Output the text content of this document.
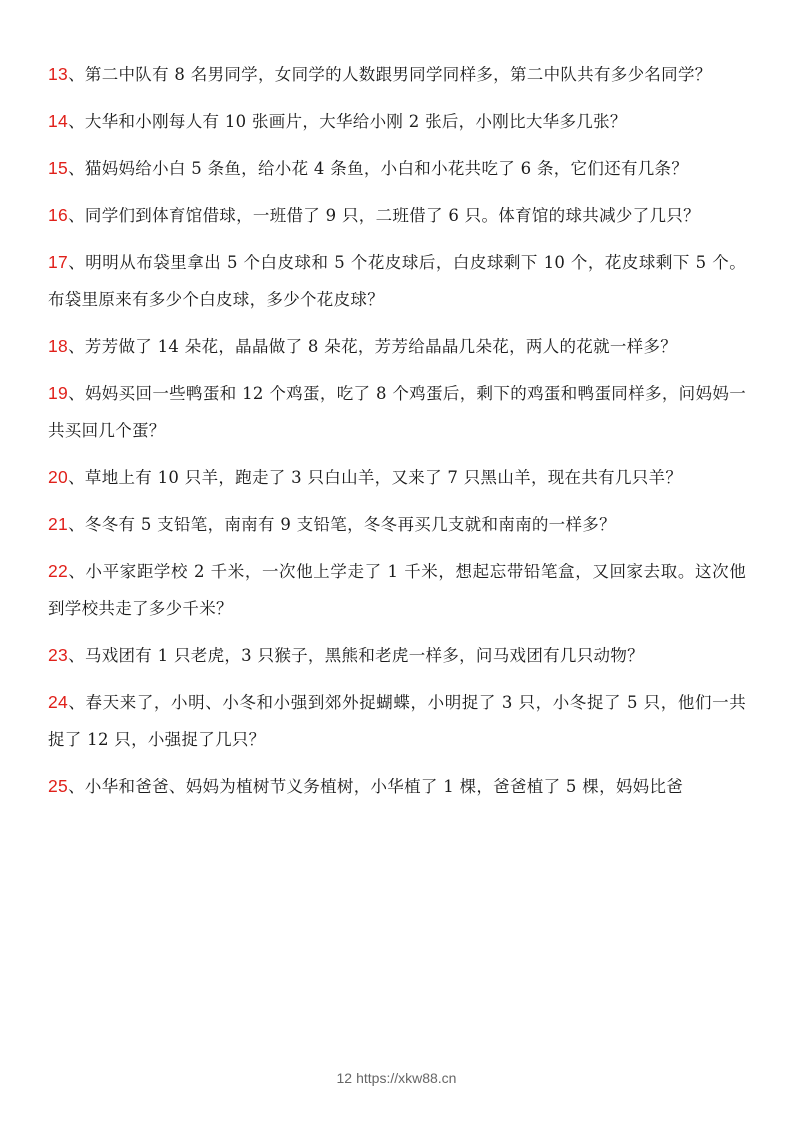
13、第二中队有 8 名男同学，女同学的人数跟男同学同样多，第二中队共有多少名同学？

14、大华和小刚每人有 10 张画片，大华给小刚 2 张后，小刚比大华多几张？

15、猫妈妈给小白 5 条鱼，给小花 4 条鱼，小白和小花共吃了 6 条，它们还有几条？

16、同学们到体育馆借球，一班借了 9 只，二班借了 6 只。体育馆的球共减少了几只？

17、明明从布袋里拿出 5 个白皮球和 5 个花皮球后，白皮球剩下 10 个，花皮球剩下 5 个。布袋里原来有多少个白皮球，多少个花皮球？

18、芳芳做了 14 朵花，晶晶做了 8 朵花，芳芳给晶晶几朵花，两人的花就一样多？

19、妈妈买回一些鸭蛋和 12 个鸡蛋，吃了 8 个鸡蛋后，剩下的鸡蛋和鸭蛋同样多，问妈妈一共买回几个蛋？

20、草地上有 10 只羊，跑走了 3 只白山羊，又来了 7 只黑山羊，现在共有几只羊？

21、冬冬有 5 支铅笔，南南有 9 支铅笔，冬冬再买几支就和南南的一样多？

22、小平家距学校 2 千米，一次他上学走了 1 千米，想起忘带铅笔盒，又回家去取。这次他到学校共走了多少千米？

23、马戏团有 1 只老虎，3 只猴子，黑熊和老虎一样多，问马戏团有几只动物？

24、春天来了，小明、小冬和小强到郊外捉蝴蝶，小明捉了 3 只，小冬捉了 5 只，他们一共捉了 12 只，小强捉了几只？

25、小华和爸爸、妈妈为植树节义务植树，小华植了 1 棵，爸爸植了 5 棵，妈妈比爸

12 https://xkw88.cn
